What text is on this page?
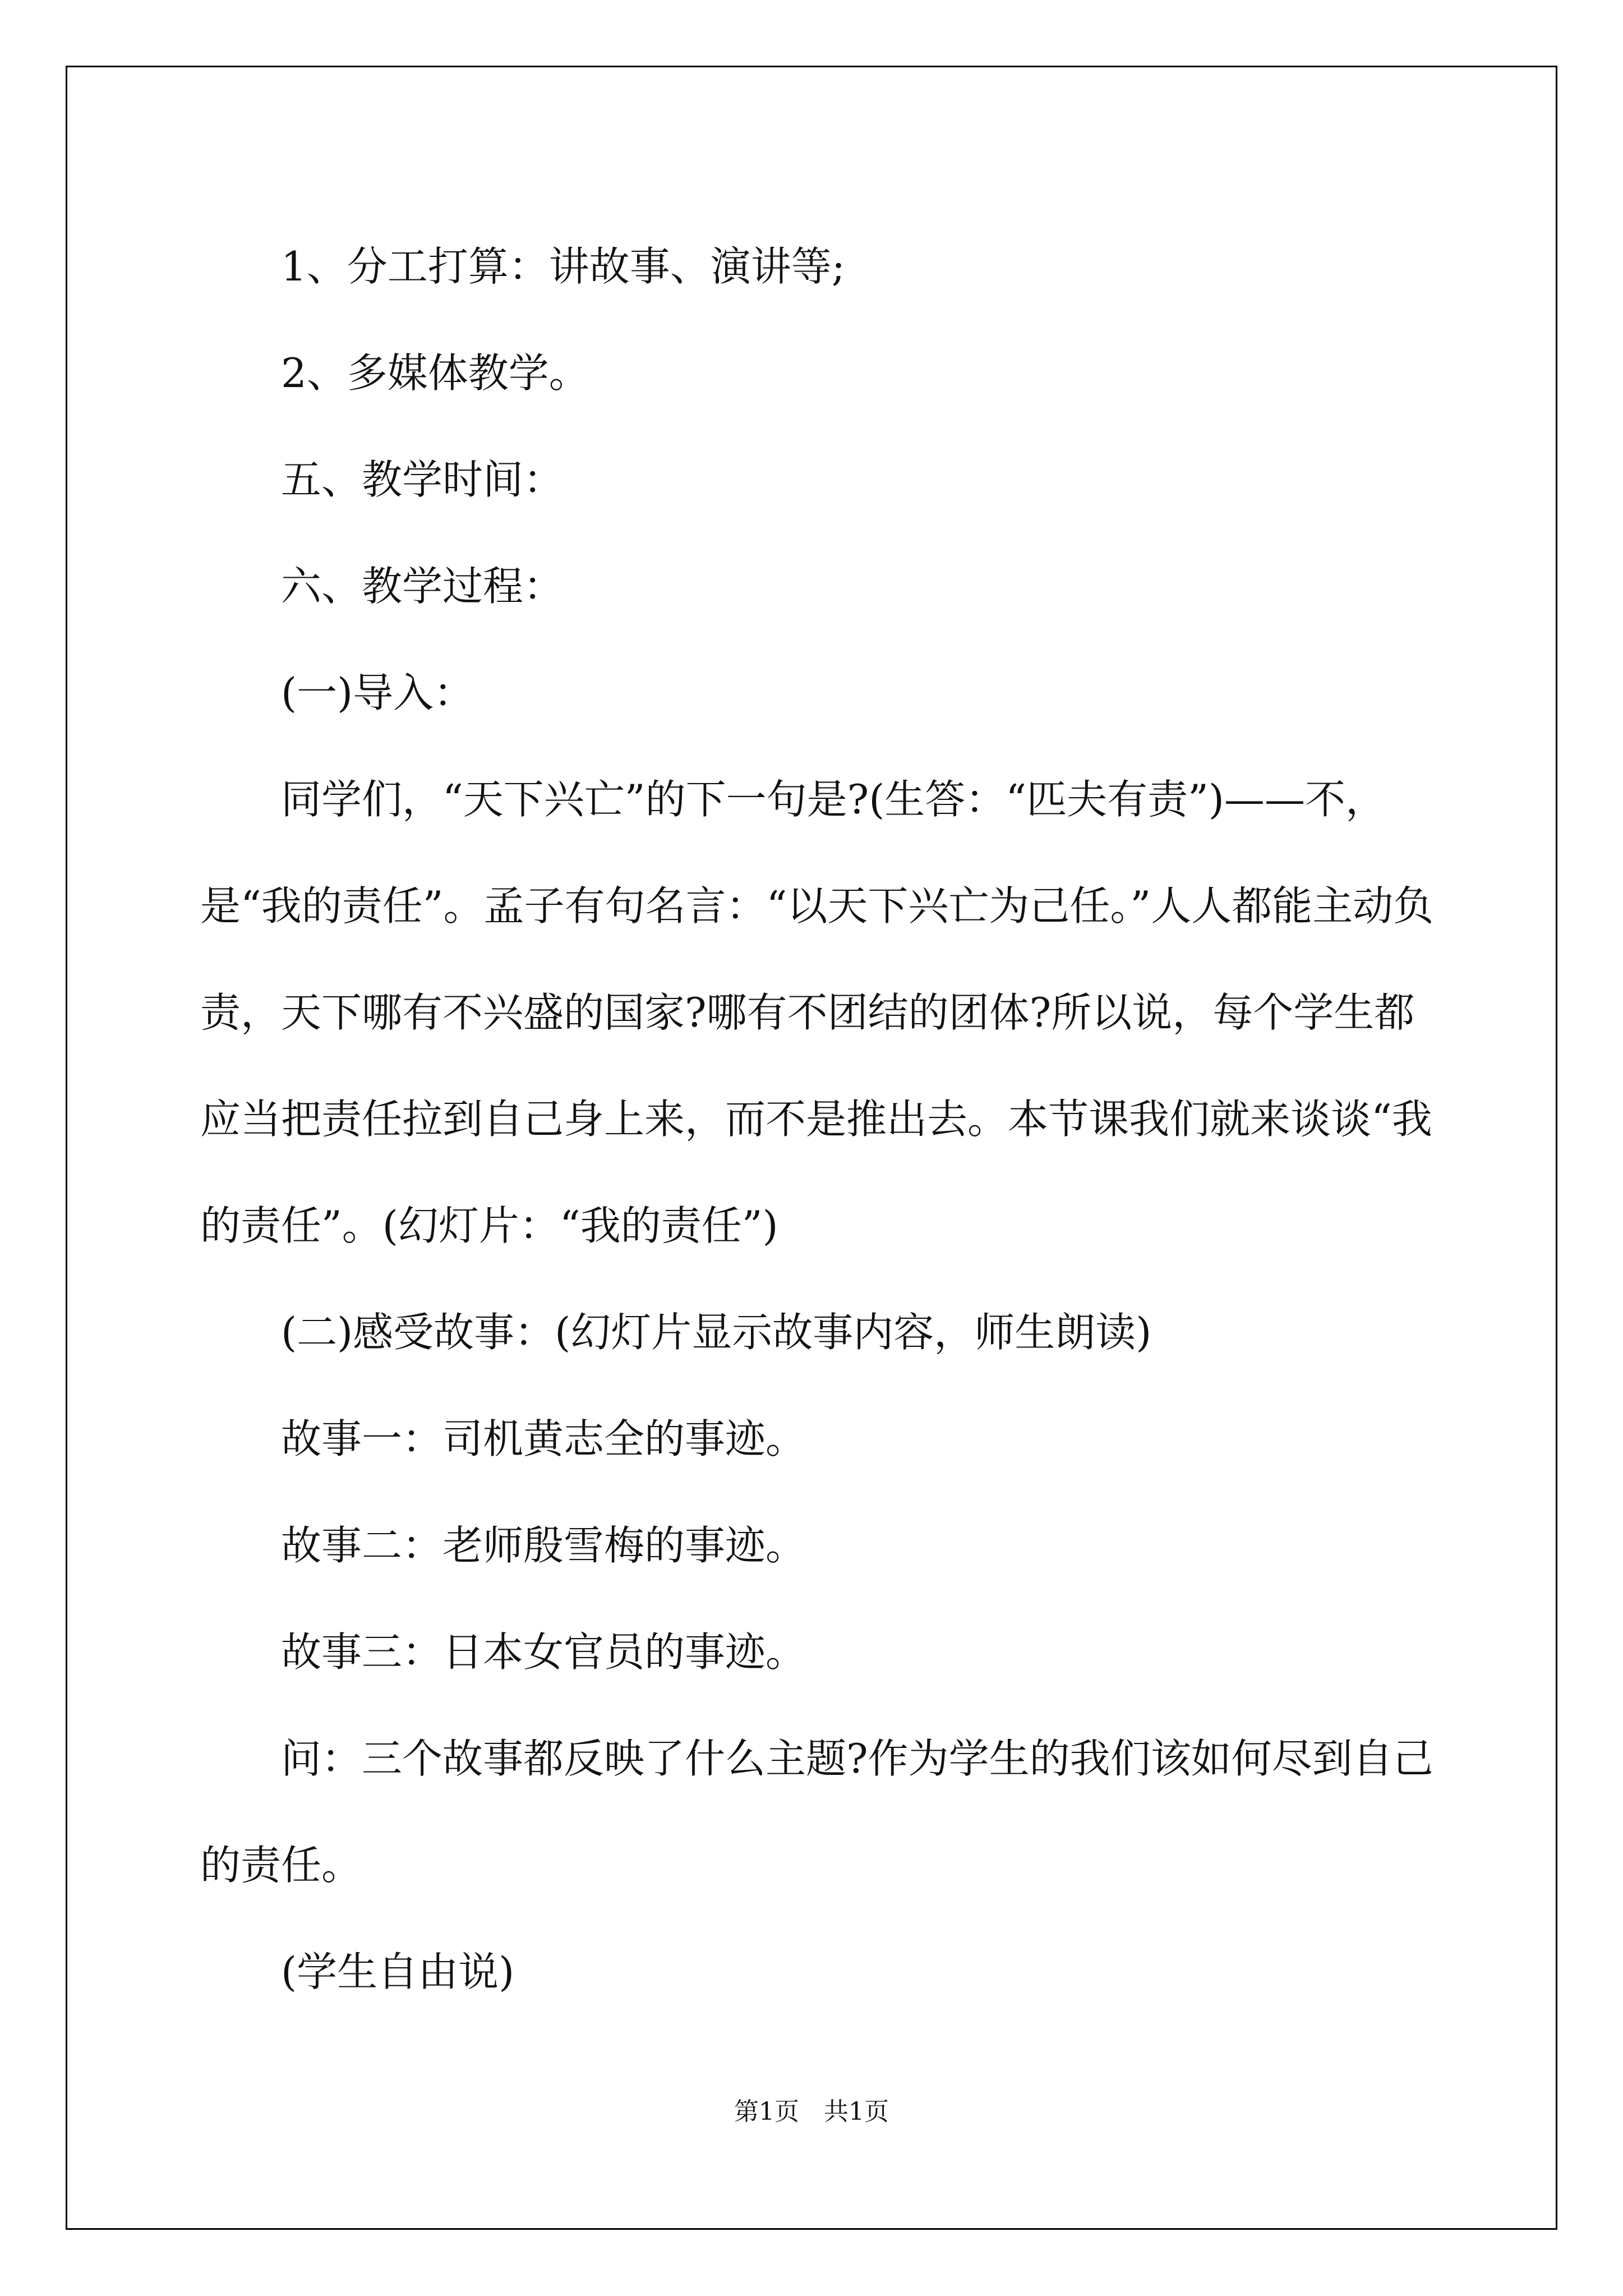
1、分工打算：讲故事、演讲等;

2、多媒体教学。

五、教学时间：

六、教学过程：

(一)导入：

同学们，“天下兴亡”的下一句是?(生答：“匹夫有责”)——不，是“我的责任”。孟子有句名言：“以天下兴亡为己任。”人人都能主动负责，天下哪有不兴盛的国家?哪有不团结的团体?所以说，每个学生都应当把责任拉到自己身上来，而不是推出去。本节课我们就来谈谈“我的责任”。(幻灯片：“我的责任”)

(二)感受故事：(幻灯片显示故事内容，师生朗读)

故事一：司机黄志全的事迹。

故事二：老师殷雪梅的事迹。

故事三：日本女官员的事迹。

问：三个故事都反映了什么主题?作为学生的我们该如何尽到自己的责任。

(学生自由说)

第1页　共1页
